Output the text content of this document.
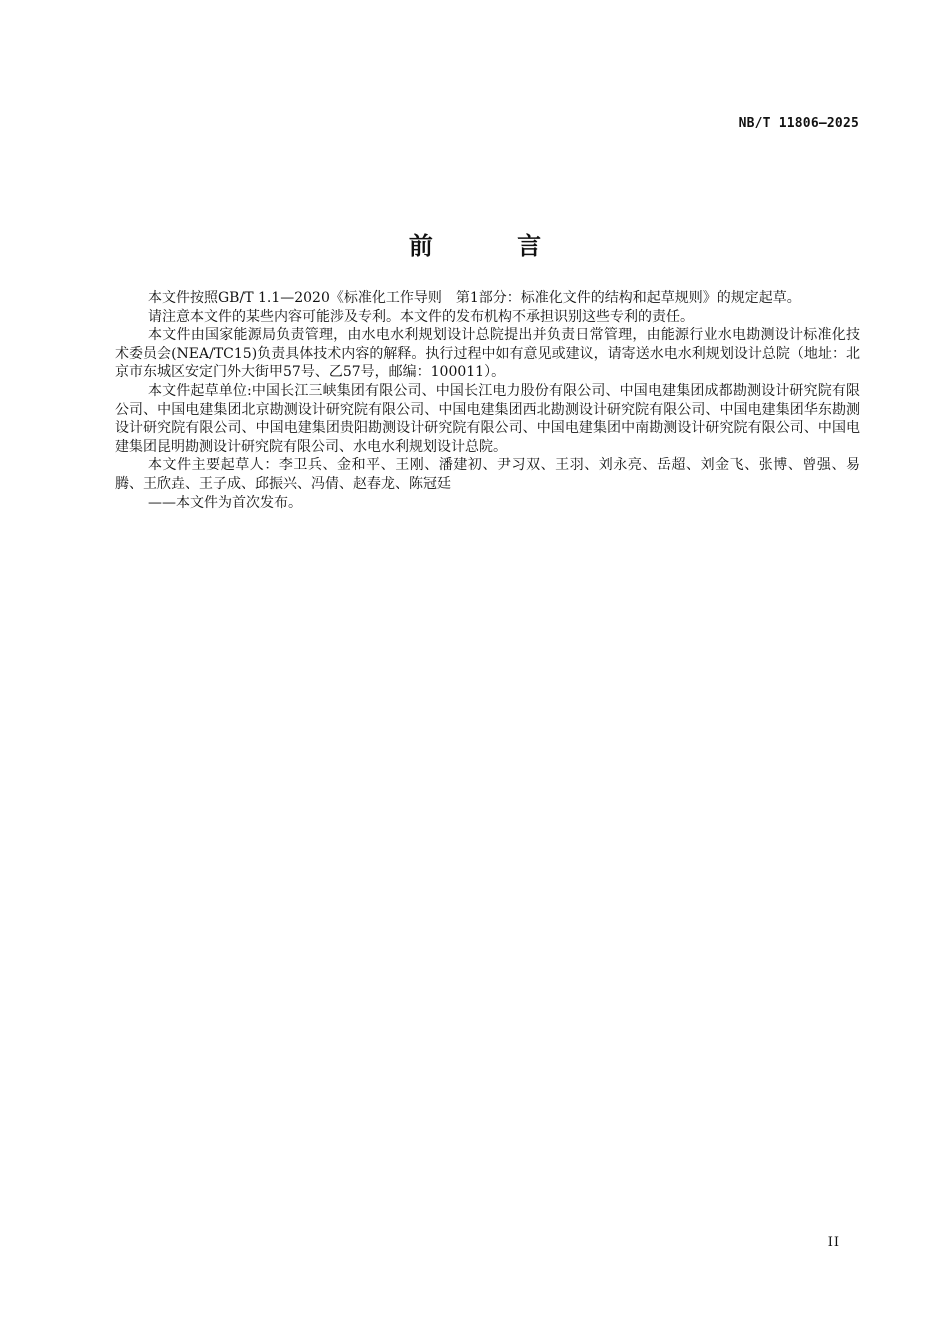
NB/T 11806—2025
前 言

本文件按照GB/T 1.1—2020《标准化工作导则　第1部分：标准化文件的结构和起草规则》的规定起草。

请注意本文件的某些内容可能涉及专利。本文件的发布机构不承担识别这些专利的责任。

本文件由国家能源局负责管理，由水电水利规划设计总院提出并负责日常管理，由能源行业水电勘测设计标准化技术委员会(NEA/TC15)负责具体技术内容的解释。执行过程中如有意见或建议，请寄送水电水利规划设计总院（地址：北京市东城区安定门外大街甲57号、乙57号，邮编：100011）。

本文件起草单位:中国长江三峡集团有限公司、中国长江电力股份有限公司、中国电建集团成都勘测设计研究院有限公司、中国电建集团北京勘测设计研究院有限公司、中国电建集团西北勘测设计研究院有限公司、中国电建集团华东勘测设计研究院有限公司、中国电建集团贵阳勘测设计研究院有限公司、中国电建集团中南勘测设计研究院有限公司、中国电建集团昆明勘测设计研究院有限公司、水电水利规划设计总院。

本文件主要起草人：李卫兵、金和平、王刚、潘建初、尹习双、王羽、刘永亮、岳超、刘金飞、张博、曾强、易腾、王欣垚、王子成、邱振兴、冯倩、赵春龙、陈冠廷

——本文件为首次发布。

II
